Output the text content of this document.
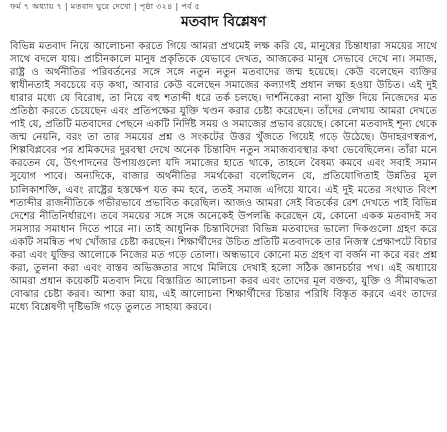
ফর্ম ৭ অধ্যায় ৭ | মতবাদ ঘুরে দেখো | পৃষ্ঠা ৩২৪ | পর্ব ৫
মতবাদ বিশ্লেষণ

বিভিন্ন মতবাদ নিয়ে আলোচনা করতে গিয়ে আমরা প্রথমেই লক্ষ করি যে, মানুষের চিন্তাধারা সময়ের সাথে সাথে বদলে যায়। প্রাচীনকালে মানুষ প্রকৃতিকে যেভাবে দেখত, আজকের মানুষ সেভাবে দেখে না। সমাজ, রাষ্ট্র ও অর্থনীতির পরিবর্তনের সঙ্গে সঙ্গে নতুন নতুন মতবাদের জন্ম হয়েছে। কেউ বলেছেন ব্যক্তির স্বাধীনতাই সবচেয়ে বড় কথা, আবার কেউ বলেছেন সমাজের কল্যাণই প্রধান লক্ষ্য হওয়া উচিত। এই দুই ধারার মধ্যে যে বিরোধ, তা নিয়ে বহু শতাব্দী ধরে তর্ক চলছে। দার্শনিকেরা নানা যুক্তি দিয়ে নিজেদের মত প্রতিষ্ঠা করতে চেয়েছেন এবং প্রতিপক্ষের যুক্তি খণ্ডন করার চেষ্টা করেছেন। তাঁদের লেখায় আমরা দেখতে পাই যে, প্রতিটি মতবাদের পেছনে একটি নির্দিষ্ট সময় ও সমাজের প্রভাব রয়েছে। কোনো মতবাদই শূন্য থেকে জন্ম নেয়নি, বরং তা তার সময়ের প্রশ্ন ও সংকটের উত্তর খুঁজতে গিয়েই গড়ে উঠেছে। উদাহরণস্বরূপ, শিল্পবিপ্লবের পর শ্রমিকদের দুরবস্থা দেখে অনেক চিন্তাবিদ নতুন সমাজব্যবস্থার কথা ভেবেছিলেন। তাঁরা মনে করতেন যে, উৎপাদনের উপায়গুলো যদি সমাজের হাতে থাকে, তাহলে বৈষম্য কমবে এবং সবাই সমান সুযোগ পাবে। অন্যদিকে, বাজার অর্থনীতির সমর্থকেরা বলেছিলেন যে, প্রতিযোগিতাই উন্নতির মূল চালিকাশক্তি, এবং রাষ্ট্রের হস্তক্ষেপ যত কম হবে, ততই সমাজ এগিয়ে যাবে। এই দুই মতের সংঘাত বিংশ শতাব্দীর রাজনীতিকে গভীরভাবে প্রভাবিত করেছিল। আজও আমরা সেই বিতর্কের রেশ দেখতে পাই বিভিন্ন দেশের নীতিনির্ধারণে। তবে সময়ের সঙ্গে সঙ্গে অনেকেই উপলব্ধি করেছেন যে, কোনো একক মতবাদই সব সমস্যার সমাধান দিতে পারে না। তাই আধুনিক চিন্তাবিদেরা বিভিন্ন মতবাদের ভালো দিকগুলো গ্রহণ করে একটি সমন্বিত পথ খোঁজার চেষ্টা করছেন। শিক্ষার্থীদের উচিত প্রতিটি মতবাদকে তার নিজস্ব প্রেক্ষাপটে বিচার করা এবং যুক্তির আলোকে নিজের মত গড়ে তোলা। অন্ধভাবে কোনো মত গ্রহণ বা বর্জন না করে বরং প্রশ্ন করা, তুলনা করা এবং বাস্তব অভিজ্ঞতার সাথে মিলিয়ে দেখাই হলো সঠিক জ্ঞানচর্চার পথ। এই অধ্যায়ে আমরা প্রধান কয়েকটি মতবাদ নিয়ে বিস্তারিত আলোচনা করব এবং তাদের মূল বক্তব্য, যুক্তি ও সীমাবদ্ধতা বোঝার চেষ্টা করব। আশা করা যায়, এই আলোচনা শিক্ষার্থীদের চিন্তার পরিধি বিস্তৃত করবে এবং তাদের মধ্যে বিশ্লেষণী দৃষ্টিভঙ্গি গড়ে তুলতে সাহায্য করবে।
